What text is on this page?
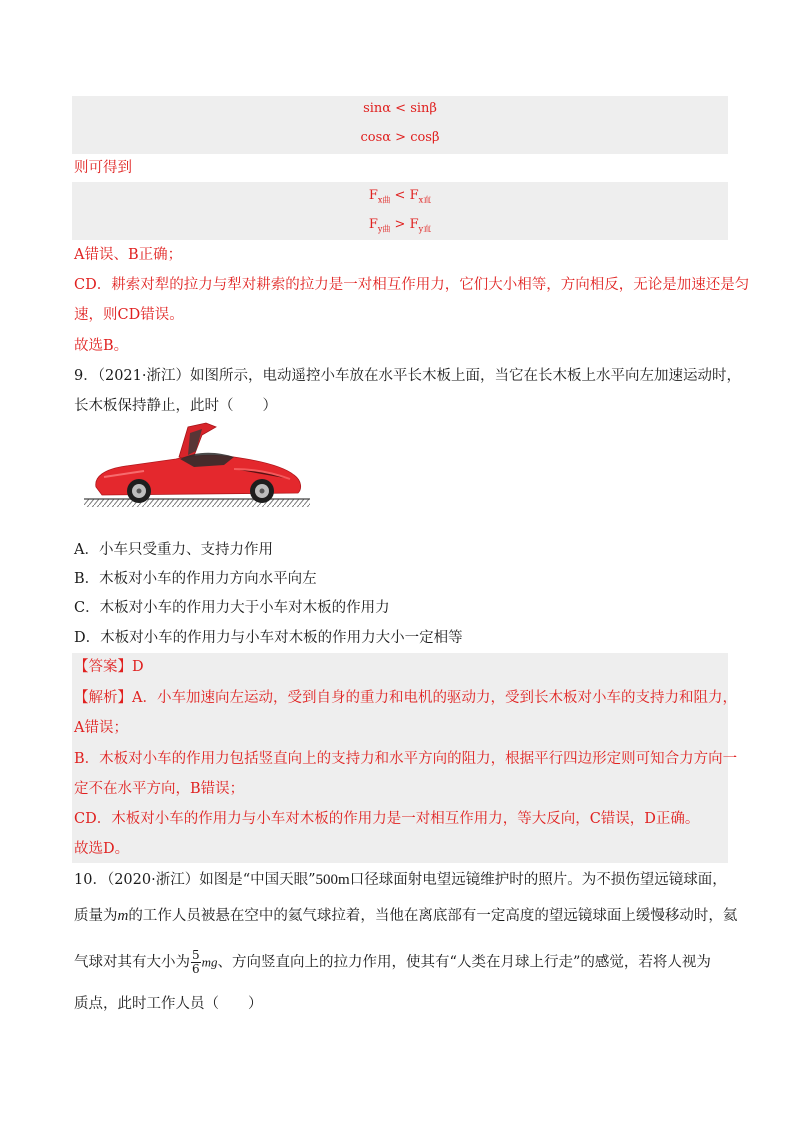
sinα < sinβ
cosα > cosβ
则可得到
$F_{x曲} < F_{x直}$
$F_{y曲} > F_{y直}$
A错误、B正确；
CD．耕索对犁的拉力与犁对耕索的拉力是一对相互作用力，它们大小相等，方向相反，无论是加速还是匀
速，则CD错误。
故选B。
9．（2021·浙江）如图所示，电动遥控小车放在水平长木板上面，当它在长木板上水平向左加速运动时，
长木板保持静止，此时（　　）
A．小车只受重力、支持力作用
B．木板对小车的作用力方向水平向左
C．木板对小车的作用力大于小车对木板的作用力
D．木板对小车的作用力与小车对木板的作用力大小一定相等
【答案】D
【解析】A．小车加速向左运动，受到自身的重力和电机的驱动力，受到长木板对小车的支持力和阻力，
A错误；
B．木板对小车的作用力包括竖直向上的支持力和水平方向的阻力，根据平行四边形定则可知合力方向一
定不在水平方向，B错误；
CD．木板对小车的作用力与小车对木板的作用力是一对相互作用力，等大反向，C错误，D正确。
故选D。
10．（2020·浙江）如图是“中国天眼”500m口径球面射电望远镜维护时的照片。为不损伤望远镜球面，
质量为m的工作人员被悬在空中的氦气球拉着，当他在离底部有一定高度的望远镜球面上缓慢移动时，氦
气球对其有大小为 $\frac{5}{6}$ mg、方向竖直向上的拉力作用，使其有“人类在月球上行走”的感觉，若将人视为
质点，此时工作人员（　　）
